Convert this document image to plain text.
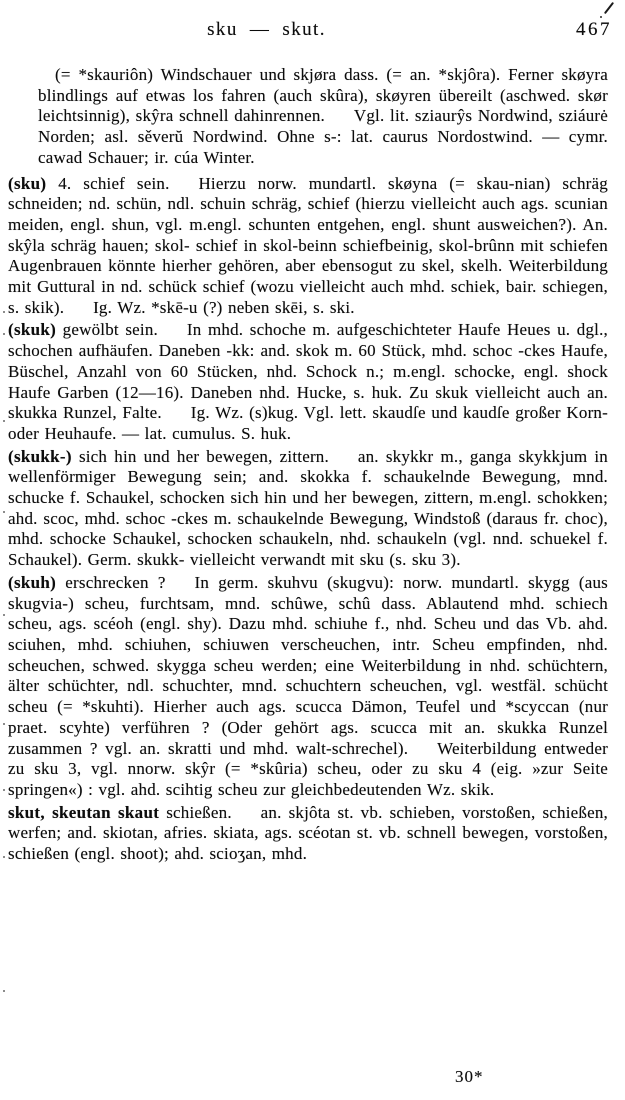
sku — skut.	467

(= *skauriôn) Windschauer und skjøra dass. (= an. *skjôra). Ferner skøyra blindlings auf etwas los fahren (auch skûra), skøyren übereilt (aschwed. skør leichtsinnig), skŷra schnell dahinrennen. Vgl. lit. sziaurŷs Nordwind, sziáurė Norden; asl. sěverŭ Nordwind. Ohne s-: lat. caurus Nordostwind. — cymr. cawad Schauer; ir. cúa Winter.

(sku) 4. schief sein. Hierzu norw. mundartl. skøyna (= skau-nian) schräg schneiden; nd. schün, ndl. schuin schräg, schief (hierzu vielleicht auch ags. scunian meiden, engl. shun, vgl. m.engl. schunten entgehen, engl. shunt ausweichen?). An. skŷla schräg hauen; skol- schief in skol-beinn schiefbeinig, skol-brûnn mit schiefen Augenbrauen könnte hierher gehören, aber ebensogut zu skel, skelh. Weiterbildung mit Guttural in nd. schück schief (wozu vielleicht auch mhd. schiek, bair. schiegen, s. skik). Ig. Wz. *skē-u (?) neben skēi, s. ski.

(skuk) gewölbt sein. In mhd. schoche m. aufgeschichteter Haufe Heues u. dgl., schochen aufhäufen. Daneben -kk: and. skok m. 60 Stück, mhd. schoc -ckes Haufe, Büschel, Anzahl von 60 Stücken, nhd. Schock n.; m.engl. schocke, engl. shock Haufe Garben (12—16). Daneben nhd. Hucke, s. huk. Zu skuk vielleicht auch an. skukka Runzel, Falte. Ig. Wz. (s)kug. Vgl. lett. skaudſe und kaudſe großer Korn- oder Heuhaufe. — lat. cumulus. S. huk.

(skukk-) sich hin und her bewegen, zittern. an. skykkr m., ganga skykkjum in wellenförmiger Bewegung sein; and. skokka f. schaukelnde Bewegung, mnd. schucke f. Schaukel, schocken sich hin und her bewegen, zittern, m.engl. schokken; ahd. scoc, mhd. schoc -ckes m. schaukelnde Bewegung, Windstoß (daraus fr. choc), mhd. schocke Schaukel, schocken schaukeln, nhd. schaukeln (vgl. nnd. schuekel f. Schaukel). Germ. skukk- vielleicht verwandt mit sku (s. sku 3).

(skuh) erschrecken ? In germ. skuhvu (skugvu): norw. mundartl. skygg (aus skugvia-) scheu, furchtsam, mnd. schûwe, schû dass. Ablautend mhd. schiech scheu, ags. scéoh (engl. shy). Dazu mhd. schiuhe f., nhd. Scheu und das Vb. ahd. sciuhen, mhd. schiuhen, schiuwen verscheuchen, intr. Scheu empfinden, nhd. scheuchen, schwed. skygga scheu werden; eine Weiterbildung in nhd. schüchtern, älter schüchter, ndl. schuchter, mnd. schuchtern scheuchen, vgl. westfäl. schücht scheu (= *skuhti). Hierher auch ags. scucca Dämon, Teufel und *scyccan (nur praet. scyhte) verführen ? (Oder gehört ags. scucca mit an. skukka Runzel zusammen ? vgl. an. skratti und mhd. walt-schrechel). Weiterbildung entweder zu sku 3, vgl. nnorw. skŷr (= *skûria) scheu, oder zu sku 4 (eig. »zur Seite springen«) : vgl. ahd. scihtig scheu zur gleichbedeutenden Wz. skik.

skut, skeutan skaut schießen. an. skjôta st. vb. schieben, vorstoßen, schießen, werfen; and. skiotan, afries. skiata, ags. scéotan st. vb. schnell bewegen, vorstoßen, schießen (engl. shoot); ahd. scioʒan, mhd.

30*
